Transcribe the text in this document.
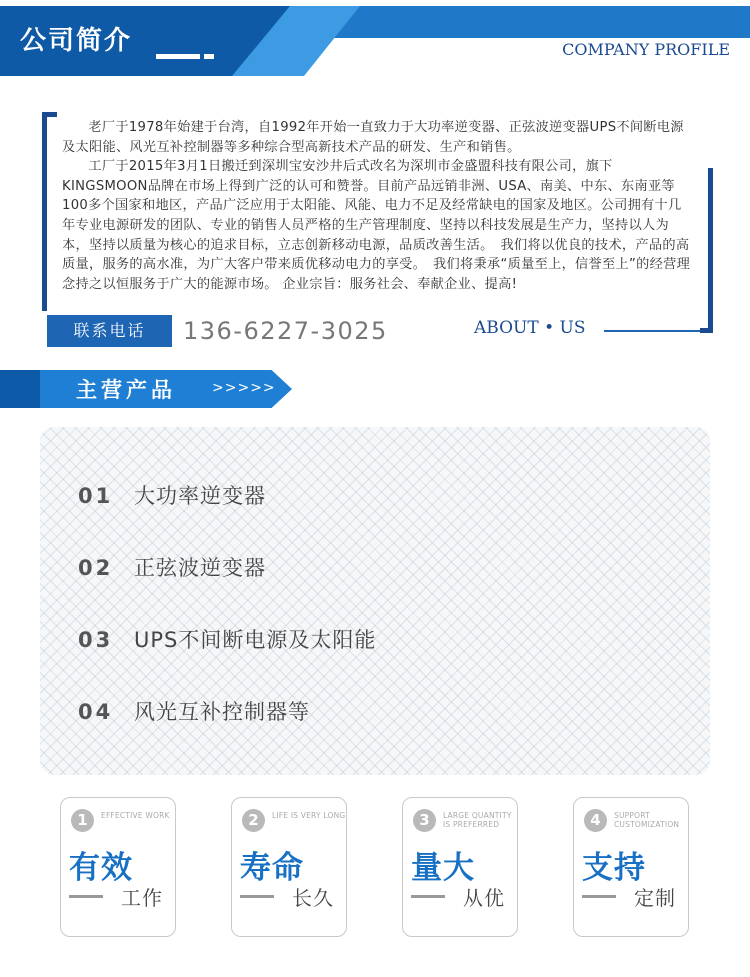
公司简介	COMPANY PROFILE

老厂于1978年始建于台湾，自1992年开始一直致力于大功率逆变器、正弦波逆变器UPS不间断电源及太阳能、风光互补控制器等多种综合型高新技术产品的研发、生产和销售。

工厂于2015年3月1日搬迁到深圳宝安沙井后式改名为深圳市金盛盟科技有限公司，旗下KINGSMOON品牌在市场上得到广泛的认可和赞誉。目前产品远销非洲、USA、南美、中东、东南亚等100多个国家和地区，产品广泛应用于太阳能、风能、电力不足及经常缺电的国家及地区。公司拥有十几年专业电源研发的团队、专业的销售人员严格的生产管理制度、坚持以科技发展是生产力，坚持以人为本，坚持以质量为核心的追求目标，立志创新移动电源，品质改善生活。　我们将以优良的技术，产品的高质量，服务的高水准，为广大客户带来质优移动电力的享受。　我们将秉承“质量至上，信誉至上”的经营理念持之以恒服务于广大的能源市场。 企业宗旨：服务社会、奉献企业、提高!

联系电话	136-6227-3025	ABOUT • US
主营产品	>>>>>
01 大功率逆变器
02 正弦波逆变器
03 UPS不间断电源及太阳能
04 风光互补控制器等
1	EFFECTIVE WORK
有效
工作
2	LIFE IS VERY LONG
寿命
长久
3	LARGE QUANTITY IS PREFERRED
量大
从优
4	SUPPORT CUSTOMIZATION
支持
定制
